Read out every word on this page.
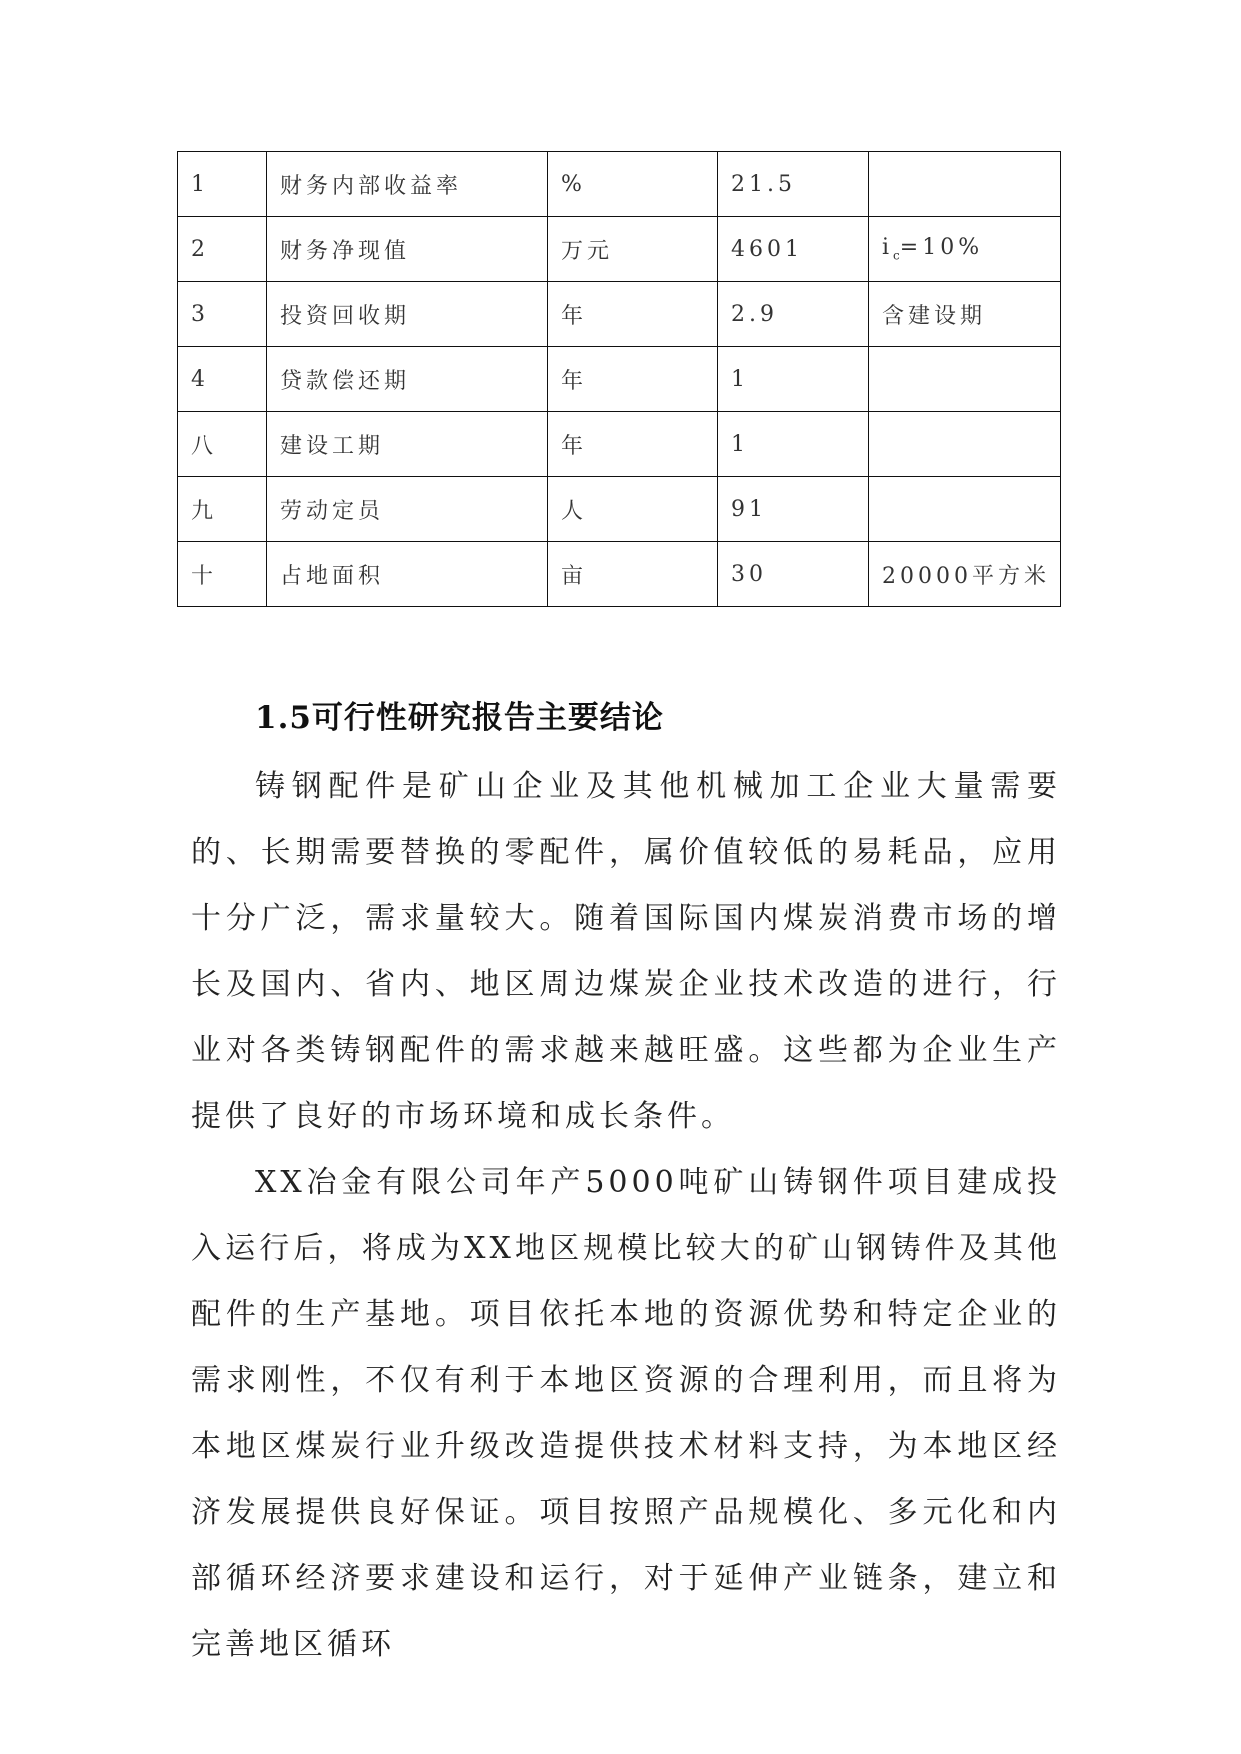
1	财务内部收益率	%	21.5	
2	财务净现值	万元	4601	$i_c=10\%$
3	投资回收期	年	2.9	含建设期
4	贷款偿还期	年	1	
八	建设工期	年	1	
九	劳动定员	人	91	
十	占地面积	亩	30	20000平方米
1.5可行性研究报告主要结论

铸钢配件是矿山企业及其他机械加工企业大量需要的、长期需要替换的零配件，属价值较低的易耗品，应用十分广泛，需求量较大。随着国际国内煤炭消费市场的增长及国内、省内、地区周边煤炭企业技术改造的进行，行业对各类铸钢配件的需求越来越旺盛。这些都为企业生产提供了良好的市场环境和成长条件。

XX冶金有限公司年产5000吨矿山铸钢件项目建成投入运行后，将成为XX地区规模比较大的矿山钢铸件及其他配件的生产基地。项目依托本地的资源优势和特定企业的需求刚性，不仅有利于本地区资源的合理利用，而且将为本地区煤炭行业升级改造提供技术材料支持，为本地区经济发展提供良好保证。项目按照产品规模化、多元化和内部循环经济要求建设和运行，对于延伸产业链条，建立和完善地区循环
